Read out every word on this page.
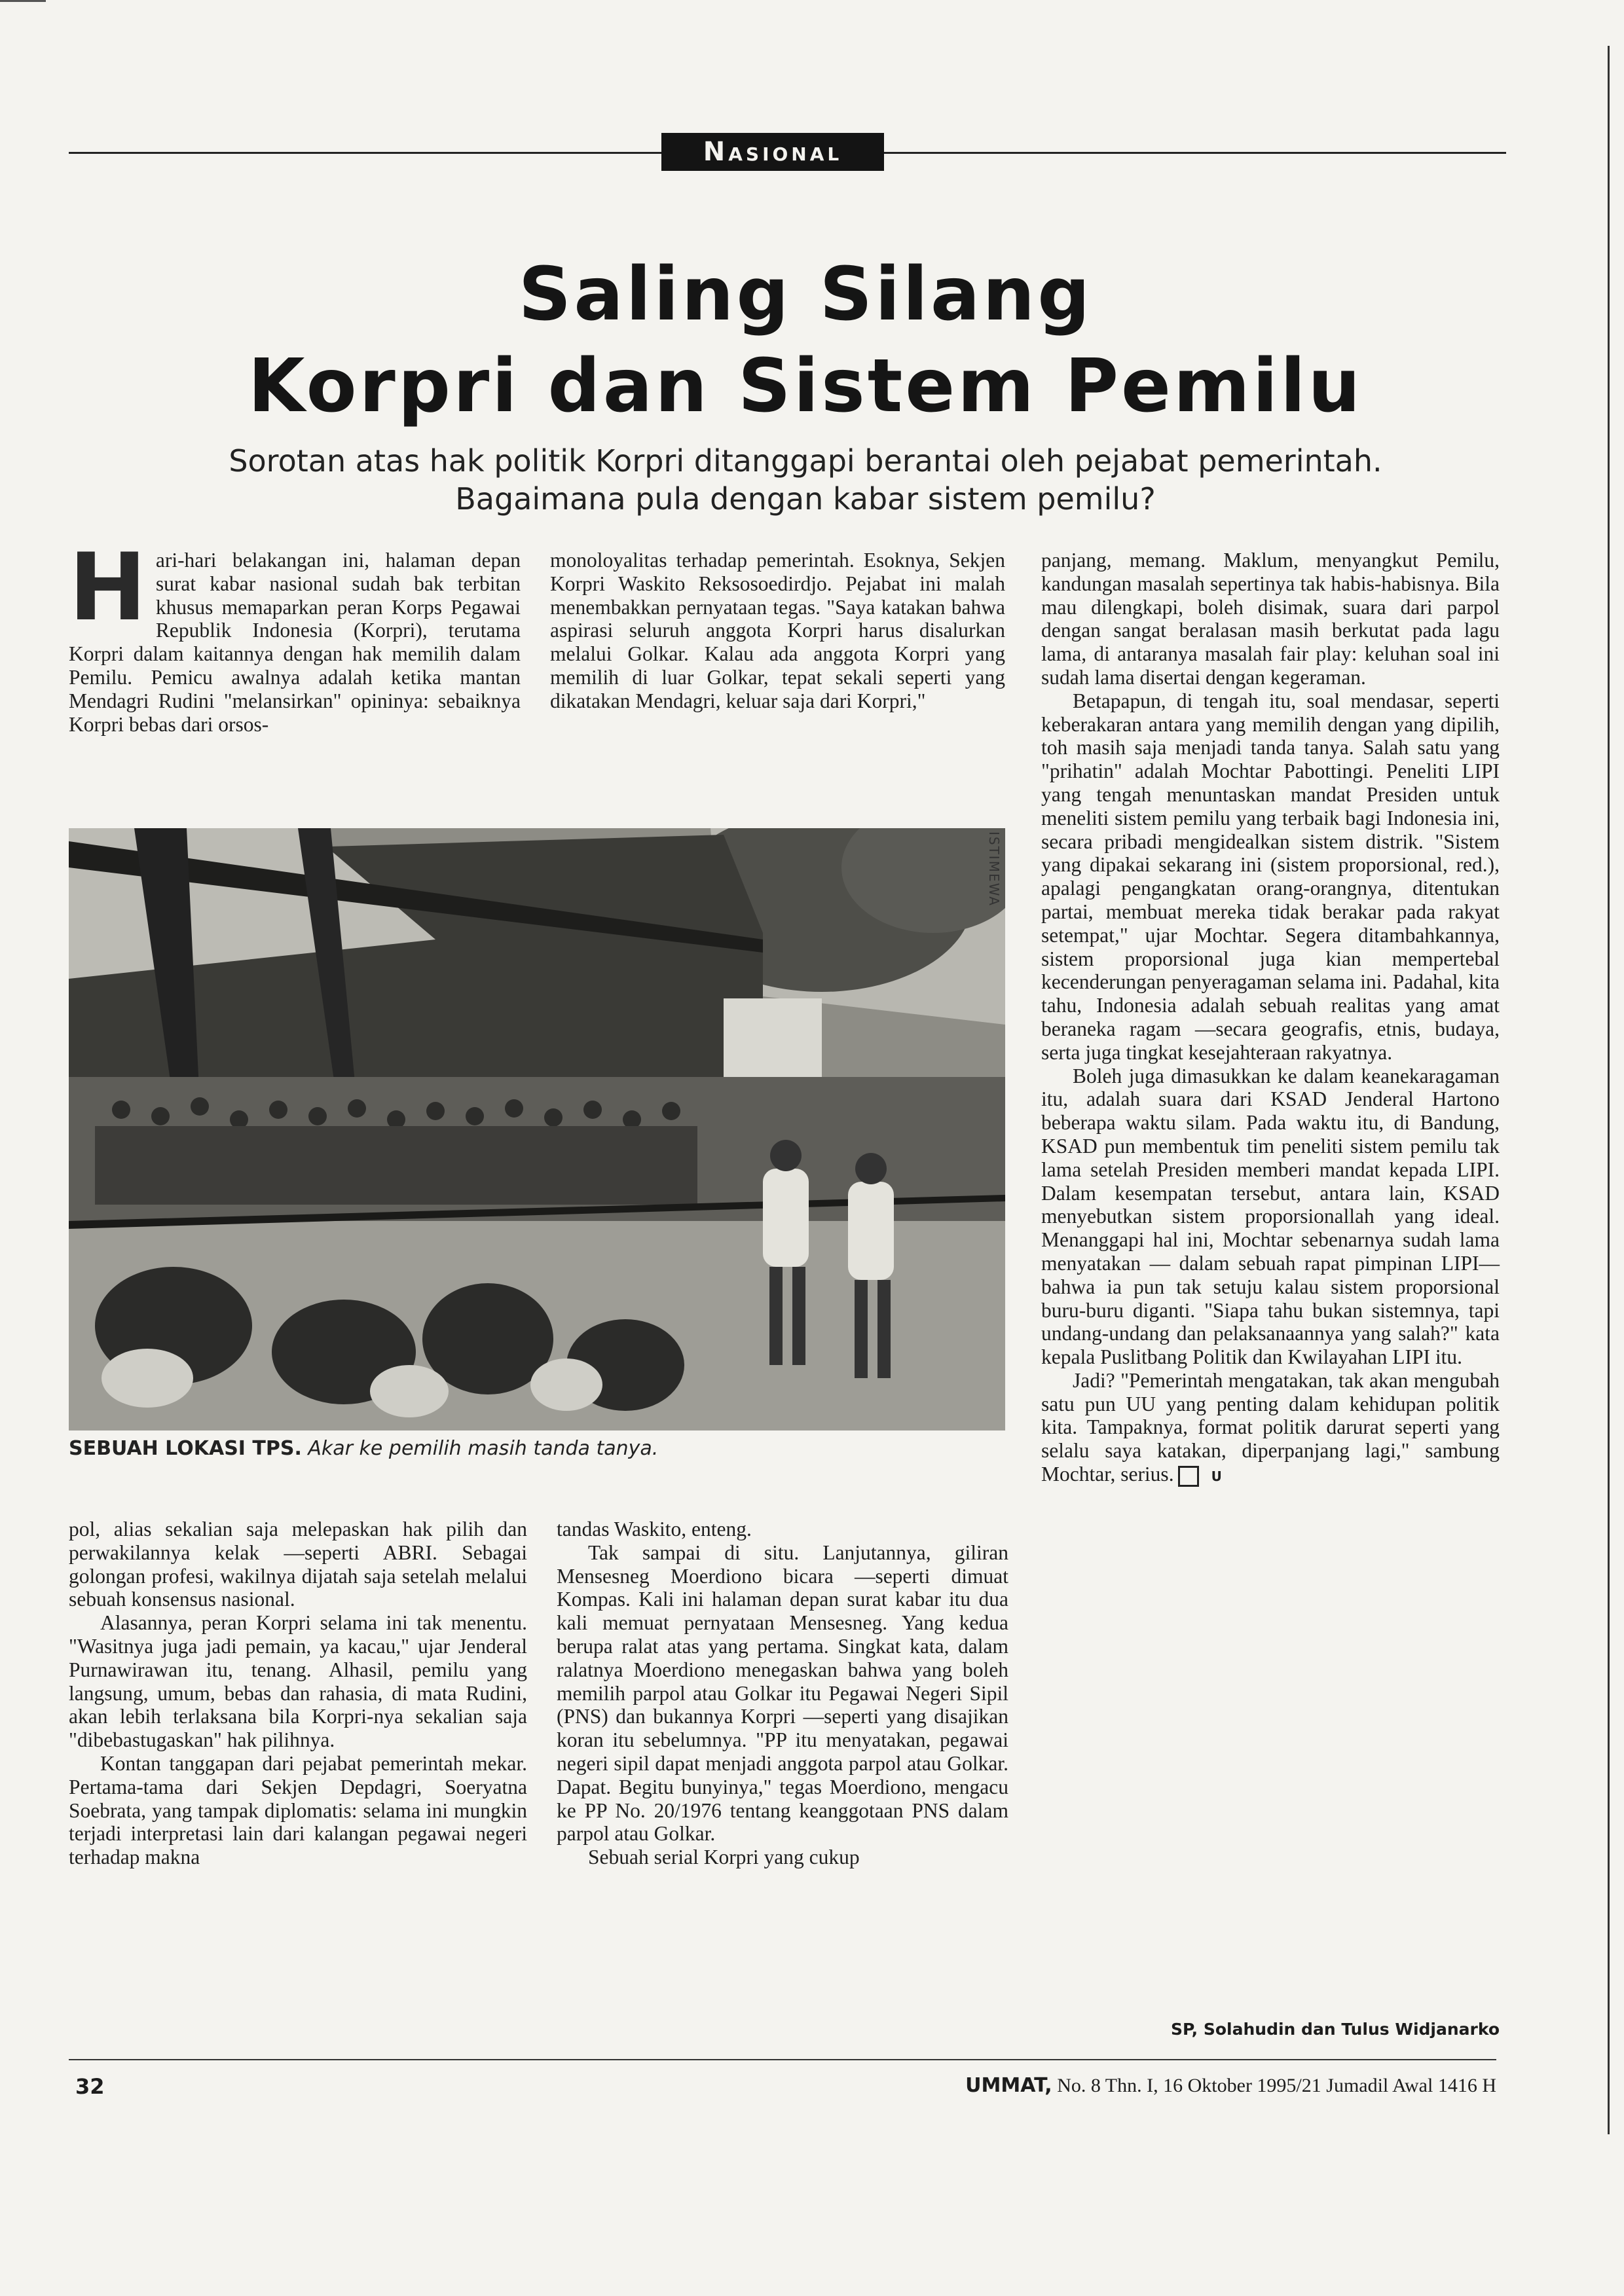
Nasional
Saling Silang
Korpri dan Sistem Pemilu
Sorotan atas hak politik Korpri ditanggapi berantai oleh pejabat pemerintah.
Bagaimana pula dengan kabar sistem pemilu?

Hari-hari belakangan ini, halaman depan surat kabar nasional sudah bak terbitan khusus memaparkan peran Korps Pegawai Republik Indonesia (Korpri), terutama Korpri dalam kaitannya dengan hak memilih dalam Pemilu. Pemicu awalnya adalah ketika mantan Mendagri Rudini "melansirkan" opininya: sebaiknya Korpri bebas dari orsos-

monoloyalitas terhadap pemerintah. Esoknya, Sekjen Korpri Waskito Reksosoedirdjo. Pejabat ini malah menembakkan pernyataan tegas. "Saya katakan bahwa aspirasi seluruh anggota Korpri harus disalurkan melalui Golkar. Kalau ada anggota Korpri yang memilih di luar Golkar, tepat sekali seperti yang dikatakan Mendagri, keluar saja dari Korpri,"

panjang, memang. Maklum, menyangkut Pemilu, kandungan masalah sepertinya tak habis-habisnya. Bila mau dilengkapi, boleh disimak, suara dari parpol dengan sangat beralasan masih berkutat pada lagu lama, di antaranya masalah fair play: keluhan soal ini sudah lama disertai dengan kegeraman.

Betapapun, di tengah itu, soal mendasar, seperti keberakaran antara yang memilih dengan yang dipilih, toh masih saja menjadi tanda tanya. Salah satu yang "prihatin" adalah Mochtar Pabottingi. Peneliti LIPI yang tengah menuntaskan mandat Presiden untuk meneliti sistem pemilu yang terbaik bagi Indonesia ini, secara pribadi mengidealkan sistem distrik. "Sistem yang dipakai sekarang ini (sistem proporsional, red.), apalagi pengangkatan orang-orangnya, ditentukan partai, membuat mereka tidak berakar pada rakyat setempat," ujar Mochtar. Segera ditambahkannya, sistem proporsional juga kian mempertebal kecenderungan penyeragaman selama ini. Padahal, kita tahu, Indonesia adalah sebuah realitas yang amat beraneka ragam —secara geografis, etnis, budaya, serta juga tingkat kesejahteraan rakyatnya.

Boleh juga dimasukkan ke dalam keanekaragaman itu, adalah suara dari KSAD Jenderal Hartono beberapa waktu silam. Pada waktu itu, di Bandung, KSAD pun membentuk tim peneliti sistem pemilu tak lama setelah Presiden memberi mandat kepada LIPI. Dalam kesempatan tersebut, antara lain, KSAD menyebutkan sistem proporsionallah yang ideal. Menanggapi hal ini, Mochtar sebenarnya sudah lama menyatakan — dalam sebuah rapat pimpinan LIPI— bahwa ia pun tak setuju kalau sistem proporsional buru-buru diganti. "Siapa tahu bukan sistemnya, tapi undang-undang dan pelaksanaannya yang salah?" kata kepala Puslitbang Politik dan Kwilayahan LIPI itu.

Jadi? "Pemerintah mengatakan, tak akan mengubah satu pun UU yang penting dalam kehidupan politik kita. Tampaknya, format politik darurat seperti yang selalu saya katakan, diperpanjang lagi," sambung Mochtar, serius.	U

SP, Solahudin dan Tulus Widjanarko
ISTIMEWA
SEBUAH LOKASI TPS. Akar ke pemilih masih tanda tanya.

pol, alias sekalian saja melepaskan hak pilih dan perwakilannya kelak —seperti ABRI. Sebagai golongan profesi, wakilnya dijatah saja setelah melalui sebuah konsensus nasional.

Alasannya, peran Korpri selama ini tak menentu. "Wasitnya juga jadi pemain, ya kacau," ujar Jenderal Purnawirawan itu, tenang. Alhasil, pemilu yang langsung, umum, bebas dan rahasia, di mata Rudini, akan lebih terlaksana bila Korpri-nya sekalian saja "dibebastugaskan" hak pilihnya.

Kontan tanggapan dari pejabat pemerintah mekar. Pertama-tama dari Sekjen Depdagri, Soeryatna Soebrata, yang tampak diplomatis: selama ini mungkin terjadi interpretasi lain dari kalangan pegawai negeri terhadap makna

tandas Waskito, enteng.

Tak sampai di situ. Lanjutannya, giliran Mensesneg Moerdiono bicara —seperti dimuat Kompas. Kali ini halaman depan surat kabar itu dua kali memuat pernyataan Mensesneg. Yang kedua berupa ralat atas yang pertama. Singkat kata, dalam ralatnya Moerdiono menegaskan bahwa yang boleh memilih parpol atau Golkar itu Pegawai Negeri Sipil (PNS) dan bukannya Korpri —seperti yang disajikan koran itu sebelumnya. "PP itu menyatakan, pegawai negeri sipil dapat menjadi anggota parpol atau Golkar. Dapat. Begitu bunyinya," tegas Moerdiono, mengacu ke PP No. 20/1976 tentang keanggotaan PNS dalam parpol atau Golkar.

Sebuah serial Korpri yang cukup

32	UMMAT, No. 8 Thn. I, 16 Oktober 1995/21 Jumadil Awal 1416 H
